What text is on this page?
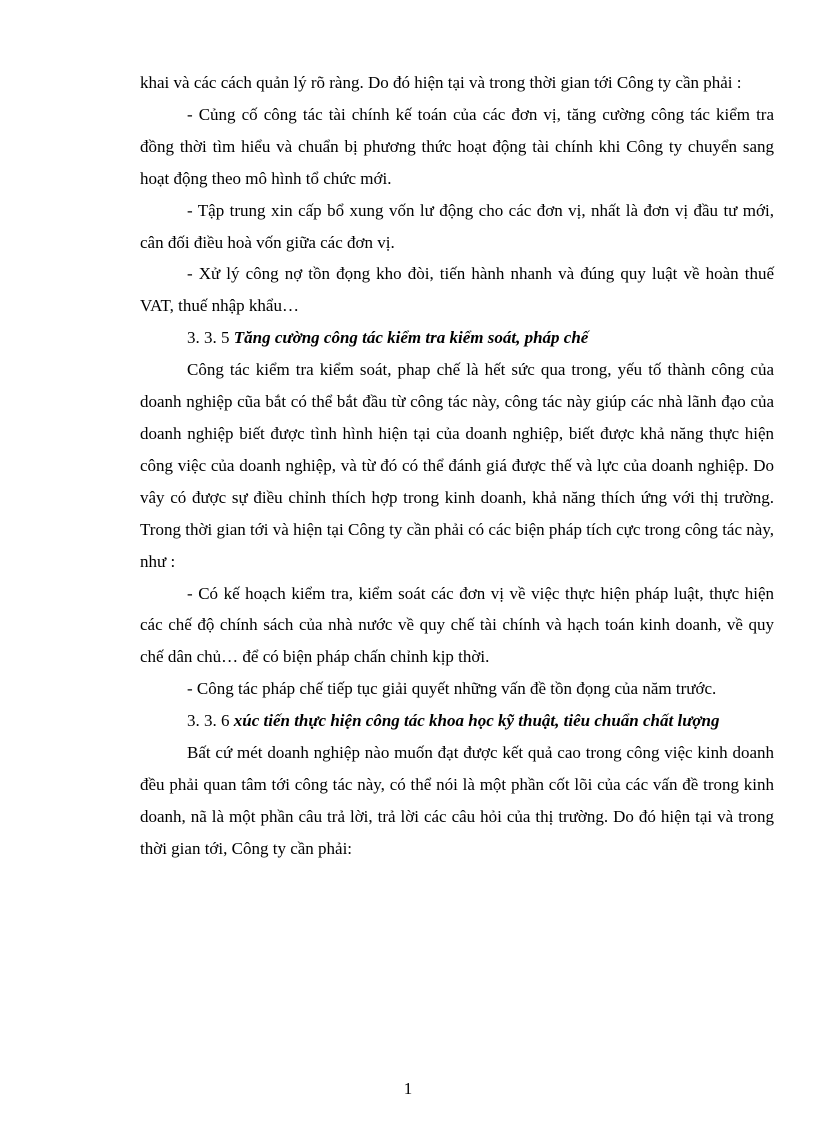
khai và các cách quản lý rõ ràng. Do đó hiện tại và trong thời gian tới Công ty cần phải :

- Củng cố công tác tài chính kế toán của các đơn vị, tăng cường công tác kiểm tra đồng thời tìm hiểu và chuẩn bị phương thức hoạt động tài chính khi Công ty chuyển sang hoạt động theo mô hình tổ chức mới.

- Tập trung xin cấp bổ xung vốn lư động cho các đơn vị, nhất là đơn vị đầu tư mới, cân đối điều hoà vốn giữa các đơn vị.

- Xử lý công nợ tồn đọng kho đòi, tiến hành nhanh và đúng quy luật về hoàn thuế VAT, thuế nhập khẩu…

3. 3. 5 Tăng cường công tác kiểm tra kiểm soát, pháp chế

Công tác kiểm tra kiểm soát, phap chế là hết sức qua trong, yếu tố thành công của doanh nghiệp cũa bắt có thể bắt đầu từ công tác này, công tác này giúp các nhà lãnh đạo của doanh nghiệp biết được tình hình hiện tại của doanh nghiệp, biết được khả năng thực hiện công việc của doanh nghiệp, và từ đó có thể đánh giá được thế và lực của doanh nghiệp. Do vây có được sự điều chỉnh thích hợp trong kinh doanh, khả năng thích ứng với thị trường. Trong thời gian tới và hiện tại Công ty cần phải có các biện pháp tích cực trong công tác này, như :

- Có kế hoạch kiểm tra, kiểm soát các đơn vị về việc thực hiện pháp luật, thực hiện các chế độ chính sách của nhà nước về quy chế tài chính và hạch toán kinh doanh, về quy chế dân chủ… để có biện pháp chấn chỉnh kịp thời.

- Công tác pháp chế tiếp tục giải quyết những vấn đề tồn đọng của năm trước.

3. 3. 6 xúc tiến thực hiện công tác khoa học kỹ thuật, tiêu chuẩn chất lượng

Bất cứ mét doanh nghiệp nào muốn đạt được kết quả cao trong công việc kinh doanh đều phải quan tâm tới công tác này, có thể nói là một phần cốt lõi của các vấn đề trong kinh doanh, nã là một phần câu trả lời, trả lời các câu hỏi của thị trường. Do đó hiện tại và trong thời gian tới, Công ty cần phải:

1
